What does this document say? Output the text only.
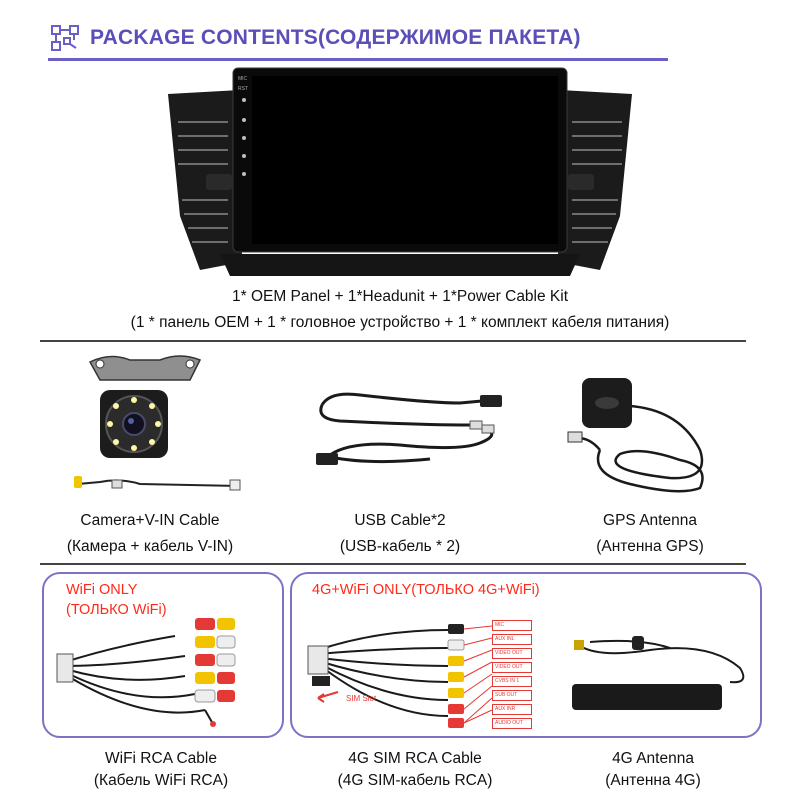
PACKAGE CONTENTS(СОДЕРЖИМОЕ ПАКЕТА)
MIC
RST
1* OEM Panel + 1*Headunit + 1*Power Cable Kit
(1 * панель OEM + 1 * головное устройство + 1 * комплект кабеля питания)
Camera+V-IN Cable
(Камера + кабель V-IN)
USB Cable*2
(USB-кабель * 2)
GPS Antenna
(Антенна GPS)
WiFi ONLY
(ТОЛЬКО WiFi)
WiFi RCA Cable
(Кабель WiFi RCA)
4G+WiFi ONLY(ТОЛЬКО 4G+WiFi)
SIM Slot
MIC
AUX INL
VIDEO OUT
VIDEO OUT
CVBS IN 1
SUB OUT
AUX INR
AUDIO OUT
4G SIM RCA Cable
(4G SIM-кабель RCA)
4G Antenna
(Антенна 4G)
